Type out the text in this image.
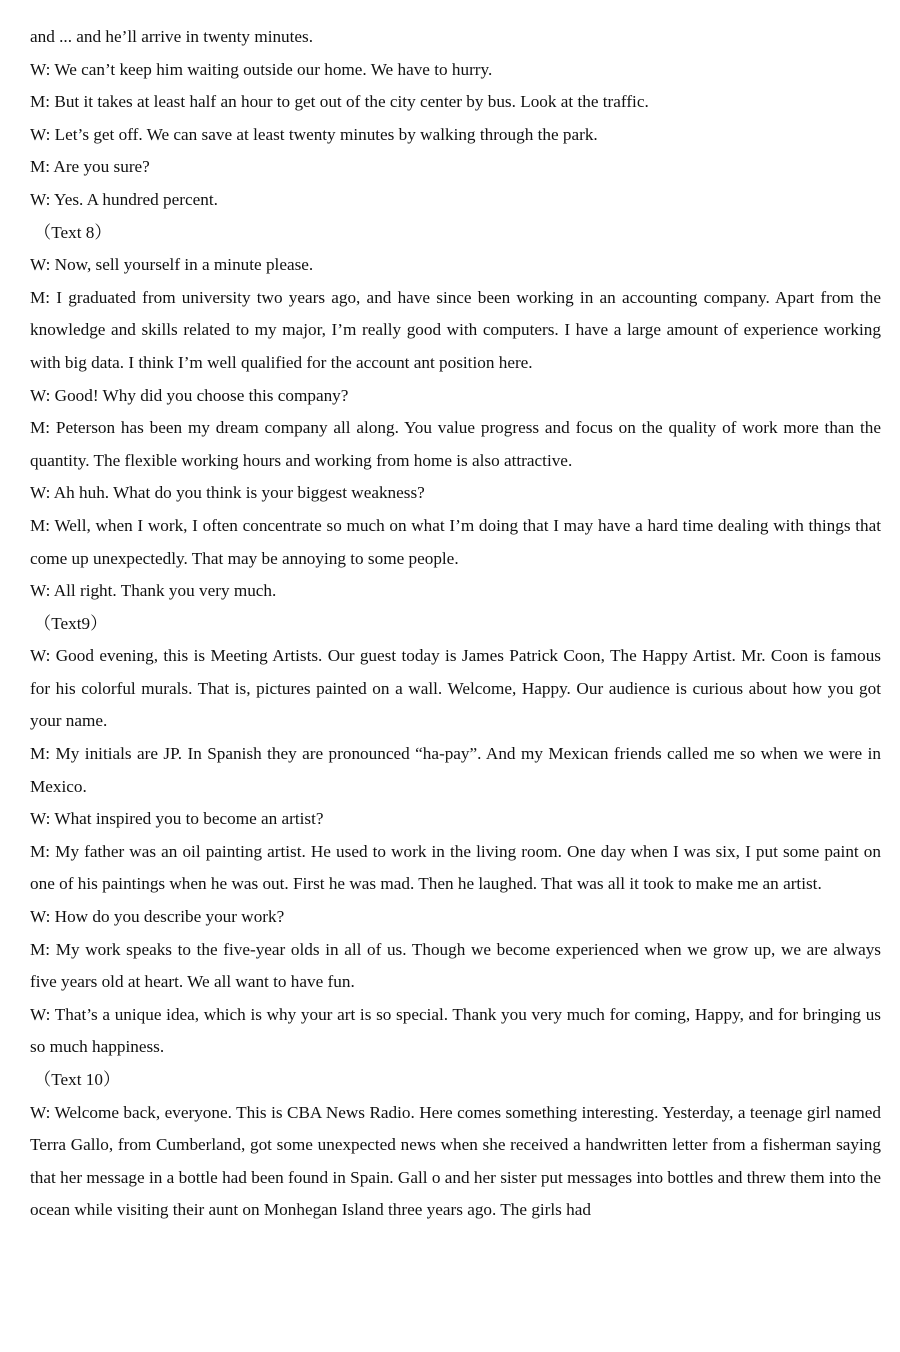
and ... and he’ll arrive in twenty minutes.

W: We can’t keep him waiting outside our home. We have to hurry.

M: But it takes at least half an hour to get out of the city center by bus. Look at the traffic.

W: Let’s get off. We can save at least twenty minutes by walking through the park.

M: Are you sure?

W: Yes. A hundred percent.

（Text 8）

W: Now, sell yourself in a minute please.

M: I graduated from university two years ago, and have since been working in an accounting company. Apart from the knowledge and skills related to my major, I’m really good with computers. I have a large amount of experience working with big data. I think I’m well qualified for the account ant position here.

W: Good! Why did you choose this company?

M: Peterson has been my dream company all along. You value progress and focus on the quality of work more than the quantity. The flexible working hours and working from home is also attractive.

W: Ah huh. What do you think is your biggest weakness?

M: Well, when I work, I often concentrate so much on what I’m doing that I may have a hard time dealing with things that come up unexpectedly. That may be annoying to some people.

W: All right. Thank you very much.

（Text9）

W: Good evening, this is Meeting Artists. Our guest today is James Patrick Coon, The Happy Artist. Mr. Coon is famous for his colorful murals. That is, pictures painted on a wall. Welcome, Happy. Our audience is curious about how you got your name.

M: My initials are JP. In Spanish they are pronounced “ha-pay”. And my Mexican friends called me so when we were in Mexico.

W: What inspired you to become an artist?

M: My father was an oil painting artist. He used to work in the living room. One day when I was six, I put some paint on one of his paintings when he was out. First he was mad. Then he laughed. That was all it took to make me an artist.

W: How do you describe your work?

M: My work speaks to the five-year olds in all of us. Though we become experienced when we grow up, we are always five years old at heart. We all want to have fun.

W: That’s a unique idea, which is why your art is so special. Thank you very much for coming, Happy, and for bringing us so much happiness.

（Text 10）

W: Welcome back, everyone. This is CBA News Radio. Here comes something interesting. Yesterday, a teenage girl named Terra Gallo, from Cumberland, got some unexpected news when she received a handwritten letter from a fisherman saying that her message in a bottle had been found in Spain. Gall o and her sister put messages into bottles and threw them into the ocean while visiting their aunt on Monhegan Island three years ago. The girls had
